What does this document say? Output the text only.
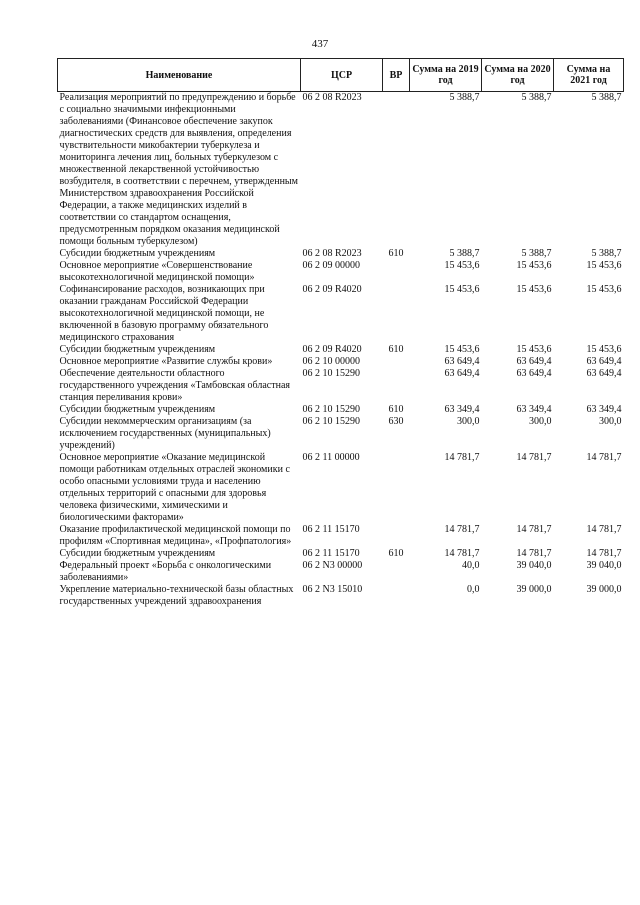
437
Наименование	ЦСР	ВР	Сумма на 2019 год	Сумма на 2020 год	Сумма на 2021 год
Реализация мероприятий по предупреждению и борьбе с социально значимыми инфекционными заболеваниями (Финансовое обеспечение закупок диагностических средств для выявления, определения чувствительности микобактерии туберкулеза и мониторинга лечения лиц, больных туберкулезом с множественной лекарственной устойчивостью возбудителя, в соответствии с перечнем, утвержденным Министерством здравоохранения Российской Федерации, а также медицинских изделий в соответствии со стандартом оснащения, предусмотренным порядком оказания медицинской помощи больным туберкулезом)	06 2 08 R2023		5 388,7	5 388,7	5 388,7
Субсидии бюджетным учреждениям	06 2 08 R2023	610	5 388,7	5 388,7	5 388,7
Основное мероприятие «Совершенствование высокотехнологичной медицинской помощи»	06 2 09 00000		15 453,6	15 453,6	15 453,6
Софинансирование расходов, возникающих при оказании гражданам Российской Федерации высокотехнологичной медицинской помощи, не включенной в базовую программу обязательного медицинского страхования	06 2 09 R4020		15 453,6	15 453,6	15 453,6
Субсидии бюджетным учреждениям	06 2 09 R4020	610	15 453,6	15 453,6	15 453,6
Основное мероприятие «Развитие службы крови»	06 2 10 00000		63 649,4	63 649,4	63 649,4
Обеспечение деятельности областного государственного учреждения «Тамбовская областная станция переливания крови»	06 2 10 15290		63 649,4	63 649,4	63 649,4
Субсидии бюджетным учреждениям	06 2 10 15290	610	63 349,4	63 349,4	63 349,4
Субсидии некоммерческим организациям (за исключением государственных (муниципальных) учреждений)	06 2 10 15290	630	300,0	300,0	300,0
Основное мероприятие «Оказание медицинской помощи работникам отдельных отраслей экономики с особо опасными условиями труда и населению отдельных территорий с опасными для здоровья человека физическими, химическими и биологическими факторами»	06 2 11 00000		14 781,7	14 781,7	14 781,7
Оказание профилактической медицинской помощи по профилям «Спортивная медицина», «Профпатология»	06 2 11 15170		14 781,7	14 781,7	14 781,7
Субсидии бюджетным учреждениям	06 2 11 15170	610	14 781,7	14 781,7	14 781,7
Федеральный проект «Борьба с онкологическими заболеваниями»	06 2 N3 00000		40,0	39 040,0	39 040,0
Укрепление материально-технической базы областных государственных учреждений здравоохранения	06 2 N3 15010		0,0	39 000,0	39 000,0
